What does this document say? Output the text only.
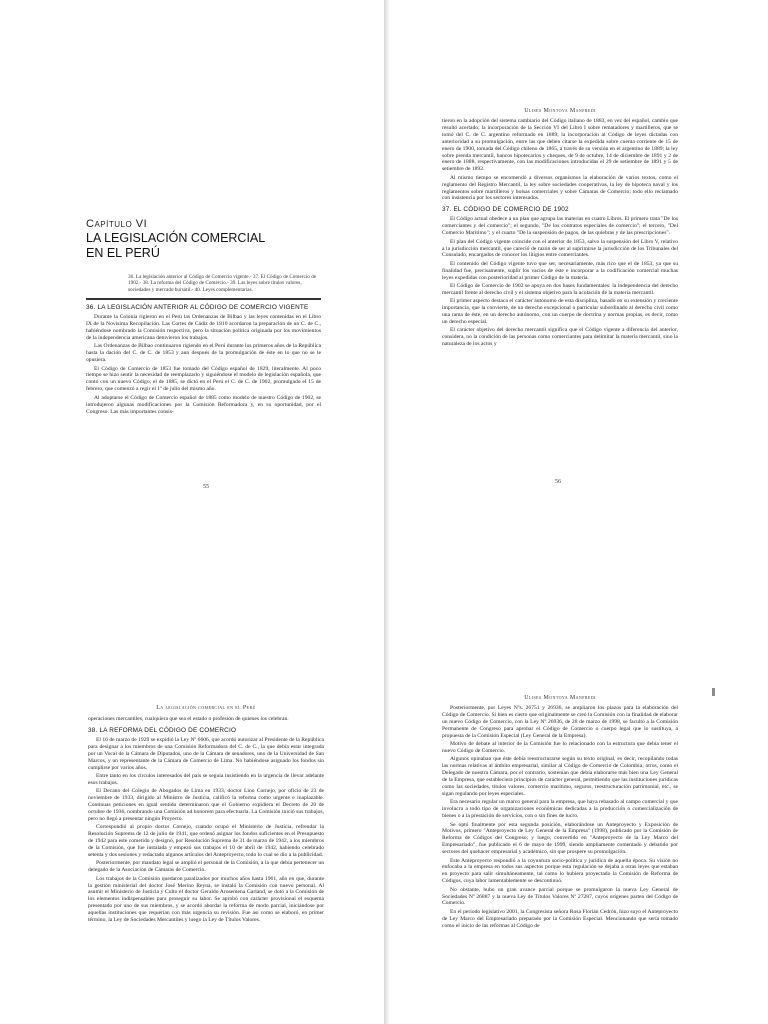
Capítulo VI
LA LEGISLACIÓN COMERCIAL
EN EL PERÚ
36. La legislación anterior al Código de Comercio vigente.- 37. El Código de Comercio de 1902.- 38. La reforma del Código de Comercio.- 39. Las leyes sobre títulos valores, sociedades y mercado bursátil.- 40. Leyes complementarias.
36. LA LEGISLACIÓN ANTERIOR AL CÓDIGO DE COMERCIO VIGENTE

Durante la Colonia rigieron en el Perú las Ordenanzas de Bilbao y las leyes contenidas en el Libro IX de la Novísima Recopilación. Las Cortes de Cádiz de 1810 acordaron la preparación de un C. de C., habiéndose nombrado la Comisión respectiva, pero la situación política originada por los movimientos de la independencia americana detuvieron los trabajos.

Las Ordenanzas de Bilbao continuaron rigiendo en el Perú durante los primeros años de la República hasta la dación del C. de C. de 1853 y aun después de la promulgación de éste en lo que no se le opusiera.

El Código de Comercio de 1853 fue tomado del Código español de 1829, literalmente. Al poco tiempo se hizo sentir la necesidad de reemplazarlo y siguiéndose el modelo de legislación española, que contó con un nuevo Código, el de 1885, se dictó en el Perú el C. de C. de 1902, promulgado el 15 de febrero, que comenzó a regir el 1º de julio del mismo año.

Al adoptarse el Código de Comercio español de 1885 como modelo de nuestro Código de 1902, se introdujeron algunas modificaciones por la Comisión Reformadora y, en su oportunidad, por el Congreso. Las más importantes consis-

55
Ulises Montoya Manfredi

tieron en la adopción del sistema cambiario del Código italiano de 1883, en vez del español, cambio que resultó acertado; la incorporación de la Sección VI del Libro I sobre rematadores y martilleros, que se tomó del C. de C. argentino reformado en 1889; la incorporación al Código de leyes dictadas con anterioridad a su promulgación, entre las que deben citarse la expedida sobre cuenta corriente de 15 de enero de 1900, tomada del Código chileno de 1865, a través de su versión en el argentino de 1889; la ley sobre prenda mercantil, bancos hipotecarios y cheques, de 9 de octubre, 14 de diciembre de 1891 y 2 de enero de 1888, respectivamente, con las modificaciones introducidas el 29 de setiembre de 1891 y 5 de setiembre de 1892.

Al mismo tiempo se encomendó a diversos organismos la elaboración de varios textos, como el reglamento del Registro Mercantil, la ley sobre sociedades cooperativas, la ley de hipoteca naval y los reglamentos sobre martilleros y bolsas comerciales y sobre Cámaras de Comercio; todo ello reclamado con insistencia por los sectores interesados.

37. EL CÓDIGO DE COMERCIO DE 1902

El Código actual obedece a un plan que agrupa las materias en cuatro Libros. El primero trata "De los comerciantes y del comercio"; el segundo, "De los contratos especiales de comercio"; el tercero, "Del Comercio Marítimo"; y el cuarto "De la suspensión de pagos, de las quiebras y de las prescripciones".

El plan del Código vigente coincide con el anterior de 1853, salvo la suspensión del Libro V, relativo a la jurisdicción mercantil, que careció de razón de ser al suprimirse la jurisdicción de los Tribunales del Consulado, encargados de conocer los litigios entre comerciantes.

El contenido del Código vigente tuvo que ser, necesariamente, más rico que el de 1853, ya que su finalidad fue, precisamente, suplir los vacíos de éste e incorporar a la codificación comercial muchas leyes expedidas con posterioridad al primer Código de la materia.

El Código de Comercio de 1902 se apoya en dos bases fundamentales: la independencia del derecho mercantil frente al derecho civil y el sistema objetivo para la acotación de la materia mercantil.

El primer aspecto destaca el carácter autónomo de esta disciplina, basado en su extensión y creciente importancia, que la convierte, de un derecho excepcional o particular subordinado al derecho civil como una rama de éste, en un derecho autónomo, con un cuerpo de doctrina y normas propias, es decir, como un derecho especial.

El carácter objetivo del derecho mercantil significa que el Código vigente a diferencia del anterior, considera, no la condición de las personas como comerciantes para delimitar la materia mercantil, sino la naturaleza de los actos y

56
La legislación comercial en el Perú

operaciones mercantiles, cualquiera que sea el estado o profesión de quienes los celebran.

38. LA REFORMA DEL CÓDIGO DE COMERCIO

El 16 de marzo de 1929 se expidió la Ley Nº 6606, que acordó autorizar al Presidente de la República para designar a los miembros de una Comisión Reformadora del C. de C., la que debía estar integrada por un Vocal de la Cámara de Diputados, uno de la Cámara de senadores, uno de la Universidad de San Marcos, y un representante de la Cámara de Comercio de Lima. No habiéndose asignado los fondos sin cumplirse por varios años.

Entre tanto en los círculos interesados del país se seguía insistiendo en la urgencia de llevar adelante esos trabajos.

El Decano del Colegio de Abogados de Lima en 1933, doctor Lino Cornejo, por oficio de 23 de noviembre de 1933, dirigido al Ministro de Justicia, calificó la reforma como urgente e inaplazable. Continuas peticiones en igual sentido determinaron que el Gobierno expidiera el Decreto de 20 de octubre de 1936, nombrando una Comisión ad honorem para efectuarla. La Comisión inició sus trabajos, pero no llegó a presentar ningún Proyecto.

Correspondió al propio doctor Cornejo, cuando ocupó el Ministerio de Justicia, refrendar la Resolución Suprema de 12 de julio de 1941, que ordenó asignar los fondos suficientes en el Presupuesto de 1942 para este cometido y designó, por Resolución Suprema de 31 de marzo de 1942, a los miembros de la Comisión, que fue instalada y empezó sus trabajos el 10 de abril de 1942, habiendo celebrado setenta y dos sesiones y redactado algunos artículos del Anteproyecto, todo lo cual se dio a la publicidad.

Posteriormente, por mandato legal se amplió el personal de la Comisión, a la que debía pertenecer un delegado de la Asociación de Cámaras de Comercio.

Los trabajos de la Comisión quedaron paralizados por muchos años hasta 1961, año en que, durante la gestión ministerial del doctor José Merino Reyna, se instaló la Comisión con nuevo personal. Al asumir el Ministerio de Justicia y Culto el doctor Geraldo Arosemena Garland, se dotó a la Comisión de los elementos indispensables para proseguir su labor. Se aprobó con carácter provisional el esquema presentado por uno de sus miembros, y se acordó abordar la reforma de modo parcial, iniciándose por aquellas instituciones que requerían con más urgencia su revisión. Fue así como se elaboró, en primer término, la Ley de Sociedades Mercantiles y luego la Ley de Títulos Valores.

Ulises Montoya Manfredi

Posteriormente, por Leyes Nºs. 26751 y 26936, se ampliaron los plazos para la elaboración del Código de Comercio. Si bien es cierto que originalmente se creó la Comisión con la finalidad de elaborar un nuevo Código de Comercio, con la Ley Nº 26936, de 28 de marzo de 1998, se facultó a la Comisión Permanente de Congreso para aprobar el Código de Comercio o cuerpo legal que lo sustituya, a propuesta de la Comisión Especial (Ley General de la Empresa).

Motivo de debate al interior de la Comisión fue lo relacionado con la estructura que debía tener el nuevo Código de Comercio.

Algunos opinaban que éste debía reestructurarse según su texto original, es decir, recopilando todas las normas relativas al ámbito empresarial, similar al Código de Comercio de Colombia; otros, como el Delegado de nuestra Cámara, por el contrario, sostenían que debía elaborarse más bien una Ley General de la Empresa, que estableciera principios de carácter general, permitiendo que las instituciones jurídicas como las sociedades, títulos valores, comercio marítimo, seguros, reestructuración patrimonial, etc., se sigan regulando por leyes especiales.

Era necesario regular un marco general para la empresa, que haya rebasado al campo comercial y que involucra a todo tipo de organizaciones económicas dedicadas a la producción o comercialización de bienes o a la prestación de servicios, con o sin fines de lucro.

Se optó finalmente por esta segunda posición, elaborándose un Anteproyecto y Exposición de Motivos, primero "Anteproyecto de Ley General de la Empresa" (1998), publicado por la Comisión de Reforma de Códigos del Congreso; y luego, convertido en "Anteproyecto de la Ley Marco del Empresariado", fue publicado el 6 de mayo de 1999, siendo ampliamente comentado y debatido por sectores del quehacer empresarial y académico, sin que prospere su promulgación.

Este Anteproyecto respondió a la coyuntura socio-política y jurídica de aquella época. Su visión no enfocaba a la empresa en todos sus aspectos porque esta regulación se dejaba a otras leyes que estaban en proyecto para salir simultáneamente, tal como lo hubiera proyectado la Comisión de Reforma de Códigos, cuya labor lamentablemente se descontinuó.

No obstante, hubo un gran avance parcial porque se promulgaron la nueva Ley General de Sociedades Nº 26887 y la nueva Ley de Títulos Valores Nº 27287, cuyos orígenes parten del Código de Comercio.

En el periodo legislativo 2001, la Congresista señora Rosa Florián Cedrón, hizo suyo el Anteproyecto de Ley Marco del Empresariado preparado por la Comisión Especial. Mencionando que sería tomado como el inicio de las reformas al Código de
